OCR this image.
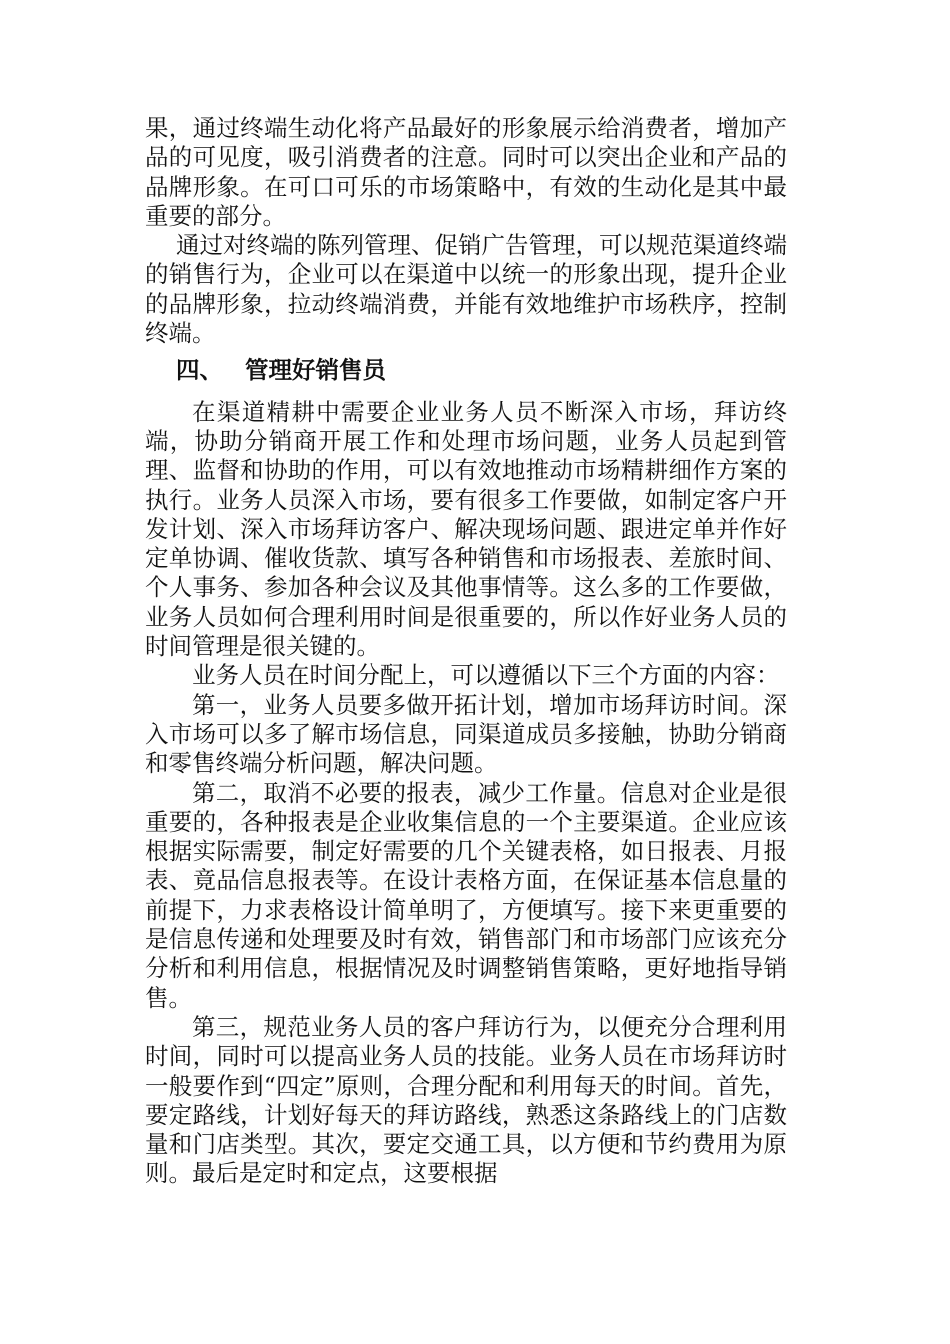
果，通过终端生动化将产品最好的形象展示给消费者，增加产品的可见度，吸引消费者的注意。同时可以突出企业和产品的品牌形象。在可口可乐的市场策略中，有效的生动化是其中最重要的部分。

通过对终端的陈列管理、促销广告管理，可以规范渠道终端的销售行为，企业可以在渠道中以统一的形象出现，提升企业的品牌形象，拉动终端消费，并能有效地维护市场秩序，控制终端。

四、 管理好销售员

在渠道精耕中需要企业业务人员不断深入市场，拜访终端，协助分销商开展工作和处理市场问题，业务人员起到管理、监督和协助的作用，可以有效地推动市场精耕细作方案的执行。业务人员深入市场，要有很多工作要做，如制定客户开发计划、深入市场拜访客户、解决现场问题、跟进定单并作好定单协调、催收货款、填写各种销售和市场报表、差旅时间、个人事务、参加各种会议及其他事情等。这么多的工作要做，业务人员如何合理利用时间是很重要的，所以作好业务人员的时间管理是很关键的。

业务人员在时间分配上，可以遵循以下三个方面的内容：

第一，业务人员要多做开拓计划，增加市场拜访时间。深入市场可以多了解市场信息，同渠道成员多接触，协助分销商和零售终端分析问题，解决问题。

第二，取消不必要的报表，减少工作量。信息对企业是很重要的，各种报表是企业收集信息的一个主要渠道。企业应该根据实际需要，制定好需要的几个关键表格，如日报表、月报表、竟品信息报表等。在设计表格方面，在保证基本信息量的前提下，力求表格设计简单明了，方便填写。接下来更重要的是信息传递和处理要及时有效，销售部门和市场部门应该充分分析和利用信息，根据情况及时调整销售策略，更好地指导销售。

第三，规范业务人员的客户拜访行为，以便充分合理利用时间，同时可以提高业务人员的技能。业务人员在市场拜访时一般要作到“四定”原则，合理分配和利用每天的时间。首先，要定路线，计划好每天的拜访路线，熟悉这条路线上的门店数量和门店类型。其次，要定交通工具，以方便和节约费用为原则。最后是定时和定点，这要根据
